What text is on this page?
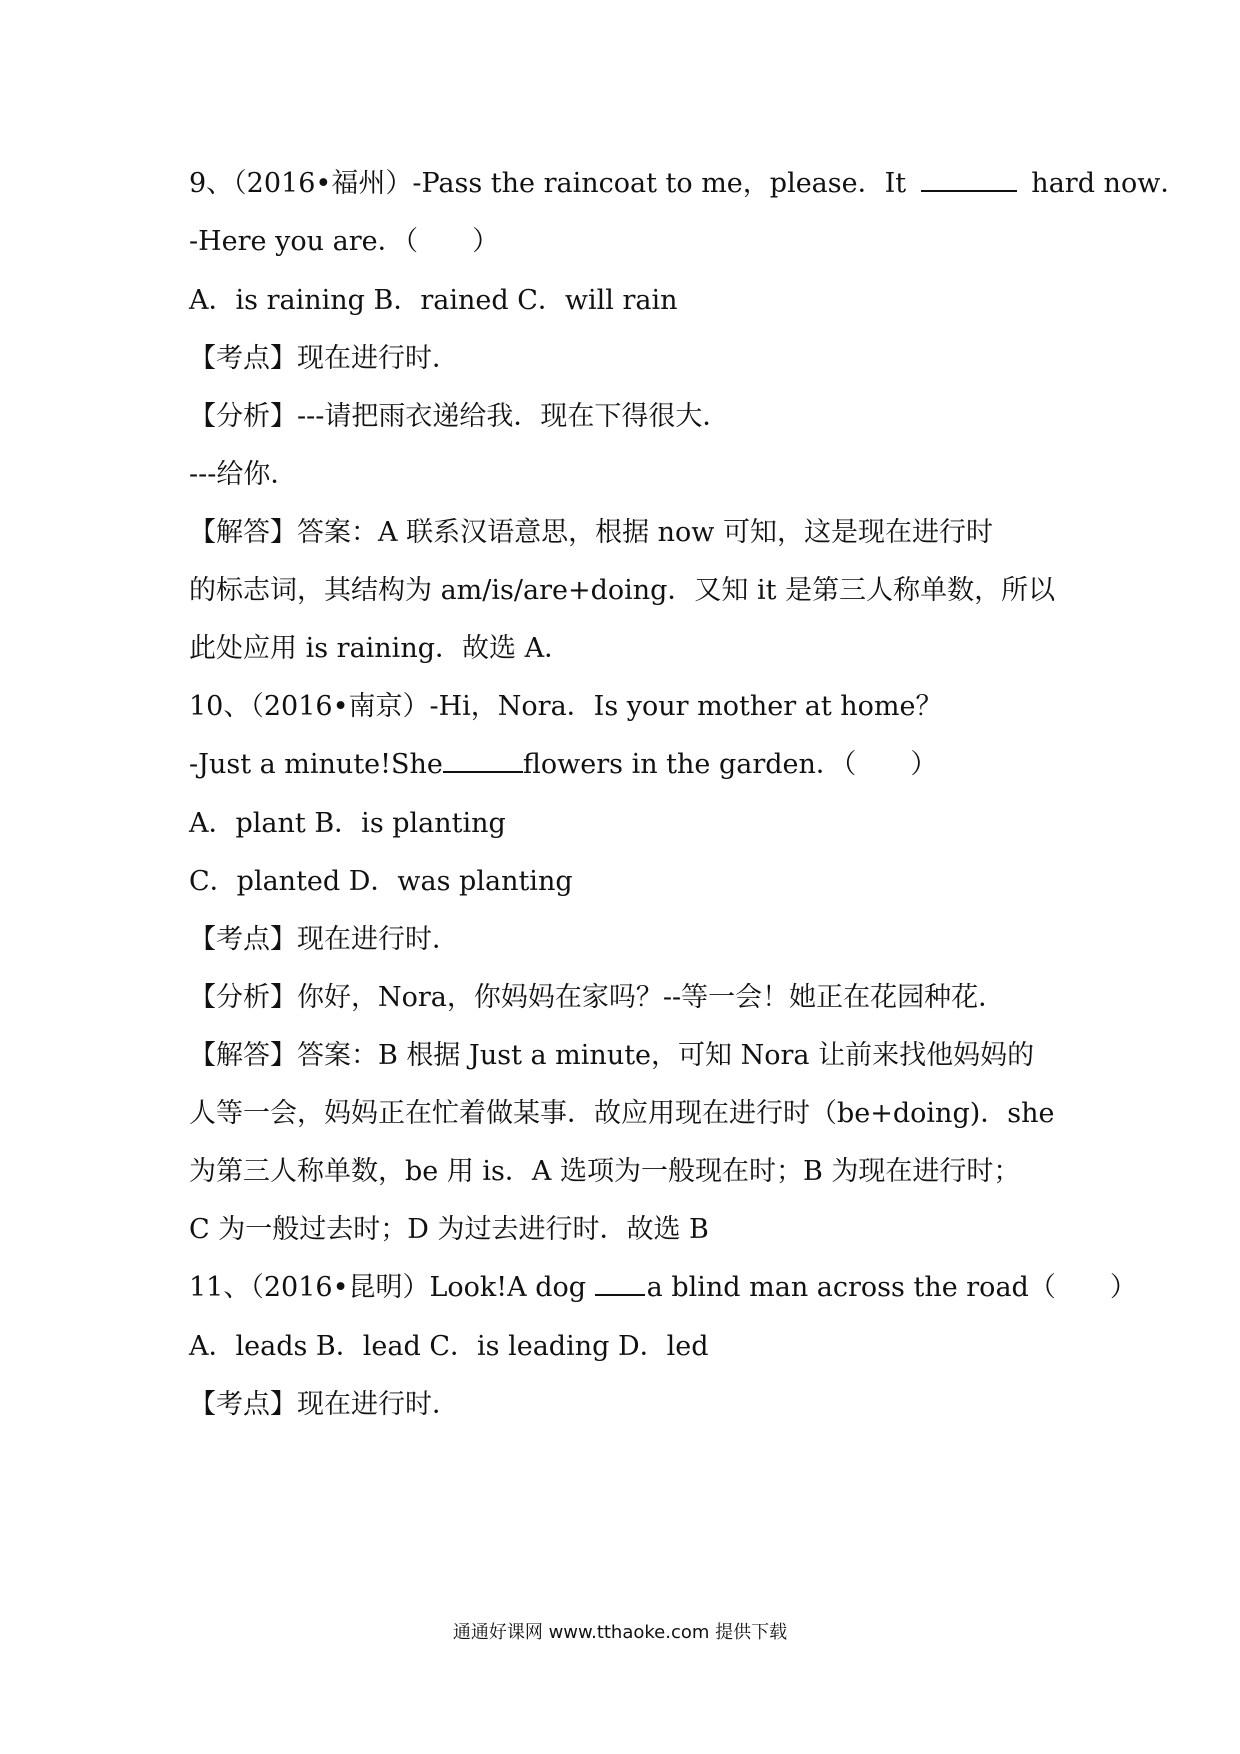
9、（2016•福州）-Pass the raincoat to me，please．It	hard now．
-Here you are．（　　）
A．is raining B．rained C．will rain
【考点】现在进行时．
【分析】---请把雨衣递给我．现在下得很大．
---给你．
【解答】答案：A 联系汉语意思，根据 now 可知，这是现在进行时
的标志词，其结构为 am/is/are+doing．又知 it 是第三人称单数，所以
此处应用 is raining．故选 A．
10、（2016•南京）-Hi，Nora．Is your mother at home？
-Just a minute!She	flowers in the garden．（　　）
A．plant B．is planting
C．planted D．was planting
【考点】现在进行时．
【分析】你好，Nora，你妈妈在家吗？--等一会！她正在花园种花．
【解答】答案：B 根据 Just a minute，可知 Nora 让前来找他妈妈的
人等一会，妈妈正在忙着做某事．故应用现在进行时（be+doing)．she
为第三人称单数，be 用 is．A 选项为一般现在时；B 为现在进行时；
C 为一般过去时；D 为过去进行时．故选 B
11、（2016•昆明）Look!A dog a blind man across the road（　　）
A．leads B．lead C．is leading D．led
【考点】现在进行时．
通通好课网 www.tthaoke.com 提供下载
